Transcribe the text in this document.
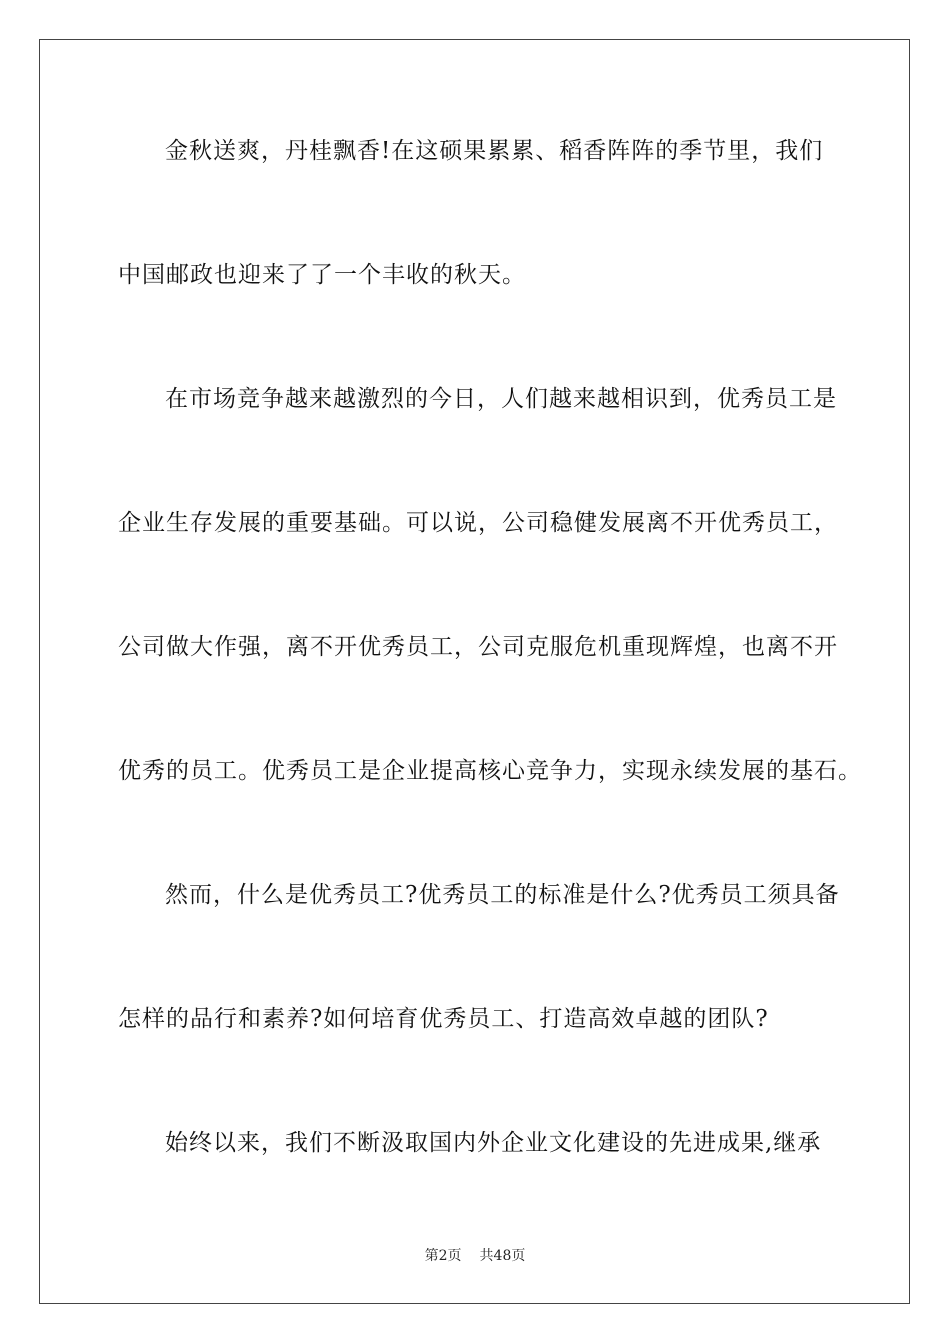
金秋送爽，丹桂飘香!在这硕果累累、稻香阵阵的季节里，我们
中国邮政也迎来了了一个丰收的秋天。
在市场竞争越来越激烈的今日，人们越来越相识到，优秀员工是
企业生存发展的重要基础。可以说，公司稳健发展离不开优秀员工，
公司做大作强，离不开优秀员工，公司克服危机重现辉煌，也离不开
优秀的员工。优秀员工是企业提高核心竞争力，实现永续发展的基石。
然而，什么是优秀员工?优秀员工的标准是什么?优秀员工须具备
怎样的品行和素养?如何培育优秀员工、打造高效卓越的团队?
始终以来，我们不断汲取国内外企业文化建设的先进成果,继承
第2页 共48页
